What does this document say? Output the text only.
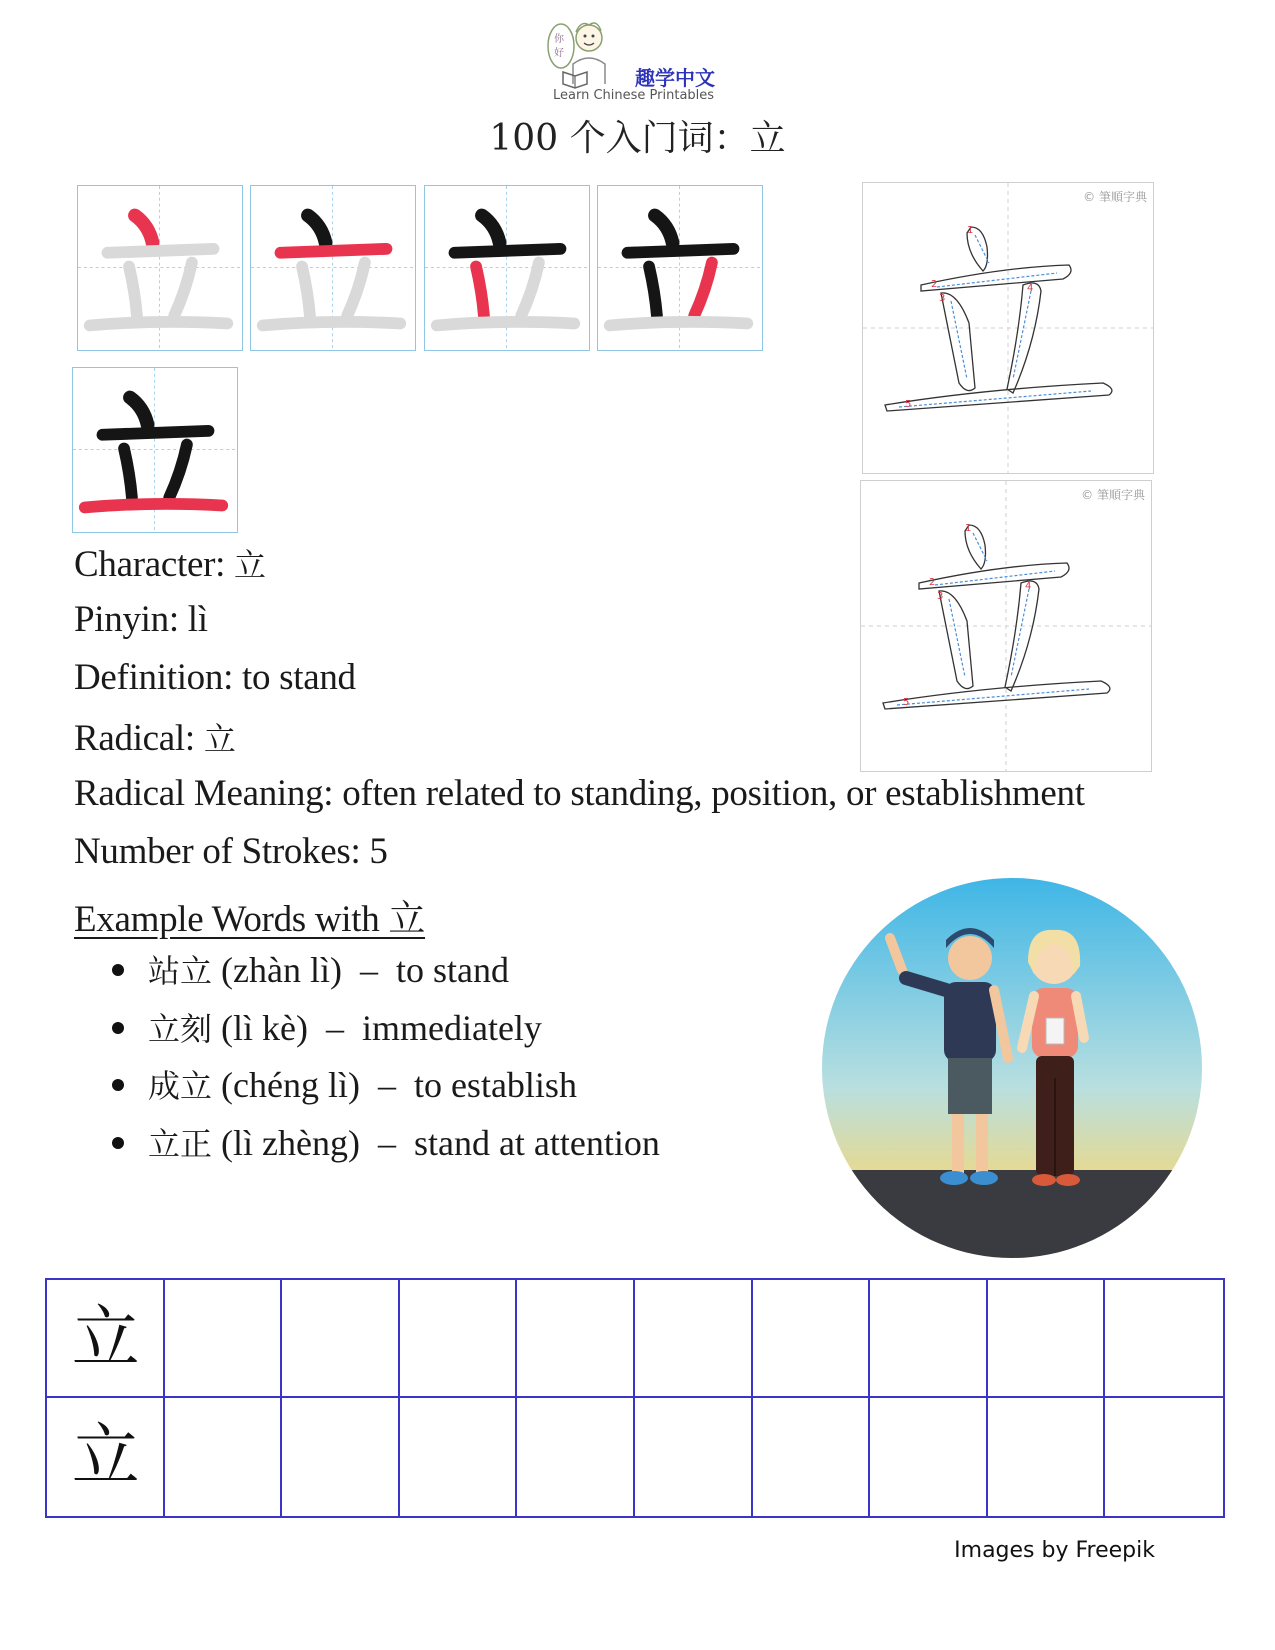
你
好
趣学中文
Learn Chinese Printables
100 个入门词：立
© 筆順字典
1
2
3
4
5
© 筆順字典
1
2
3
4
5
Character: 立
Pinyin: lì
Definition: to stand
Radical: 立
Radical Meaning: often related to standing, position, or establishment
Number of Strokes: 5
Example Words with 立
站立 (zhàn lì) – to stand
立刻 (lì kè) – immediately
成立 (chéng lì) – to establish
立正 (lì zhèng) – stand at attention
立
立
Images by Freepik
